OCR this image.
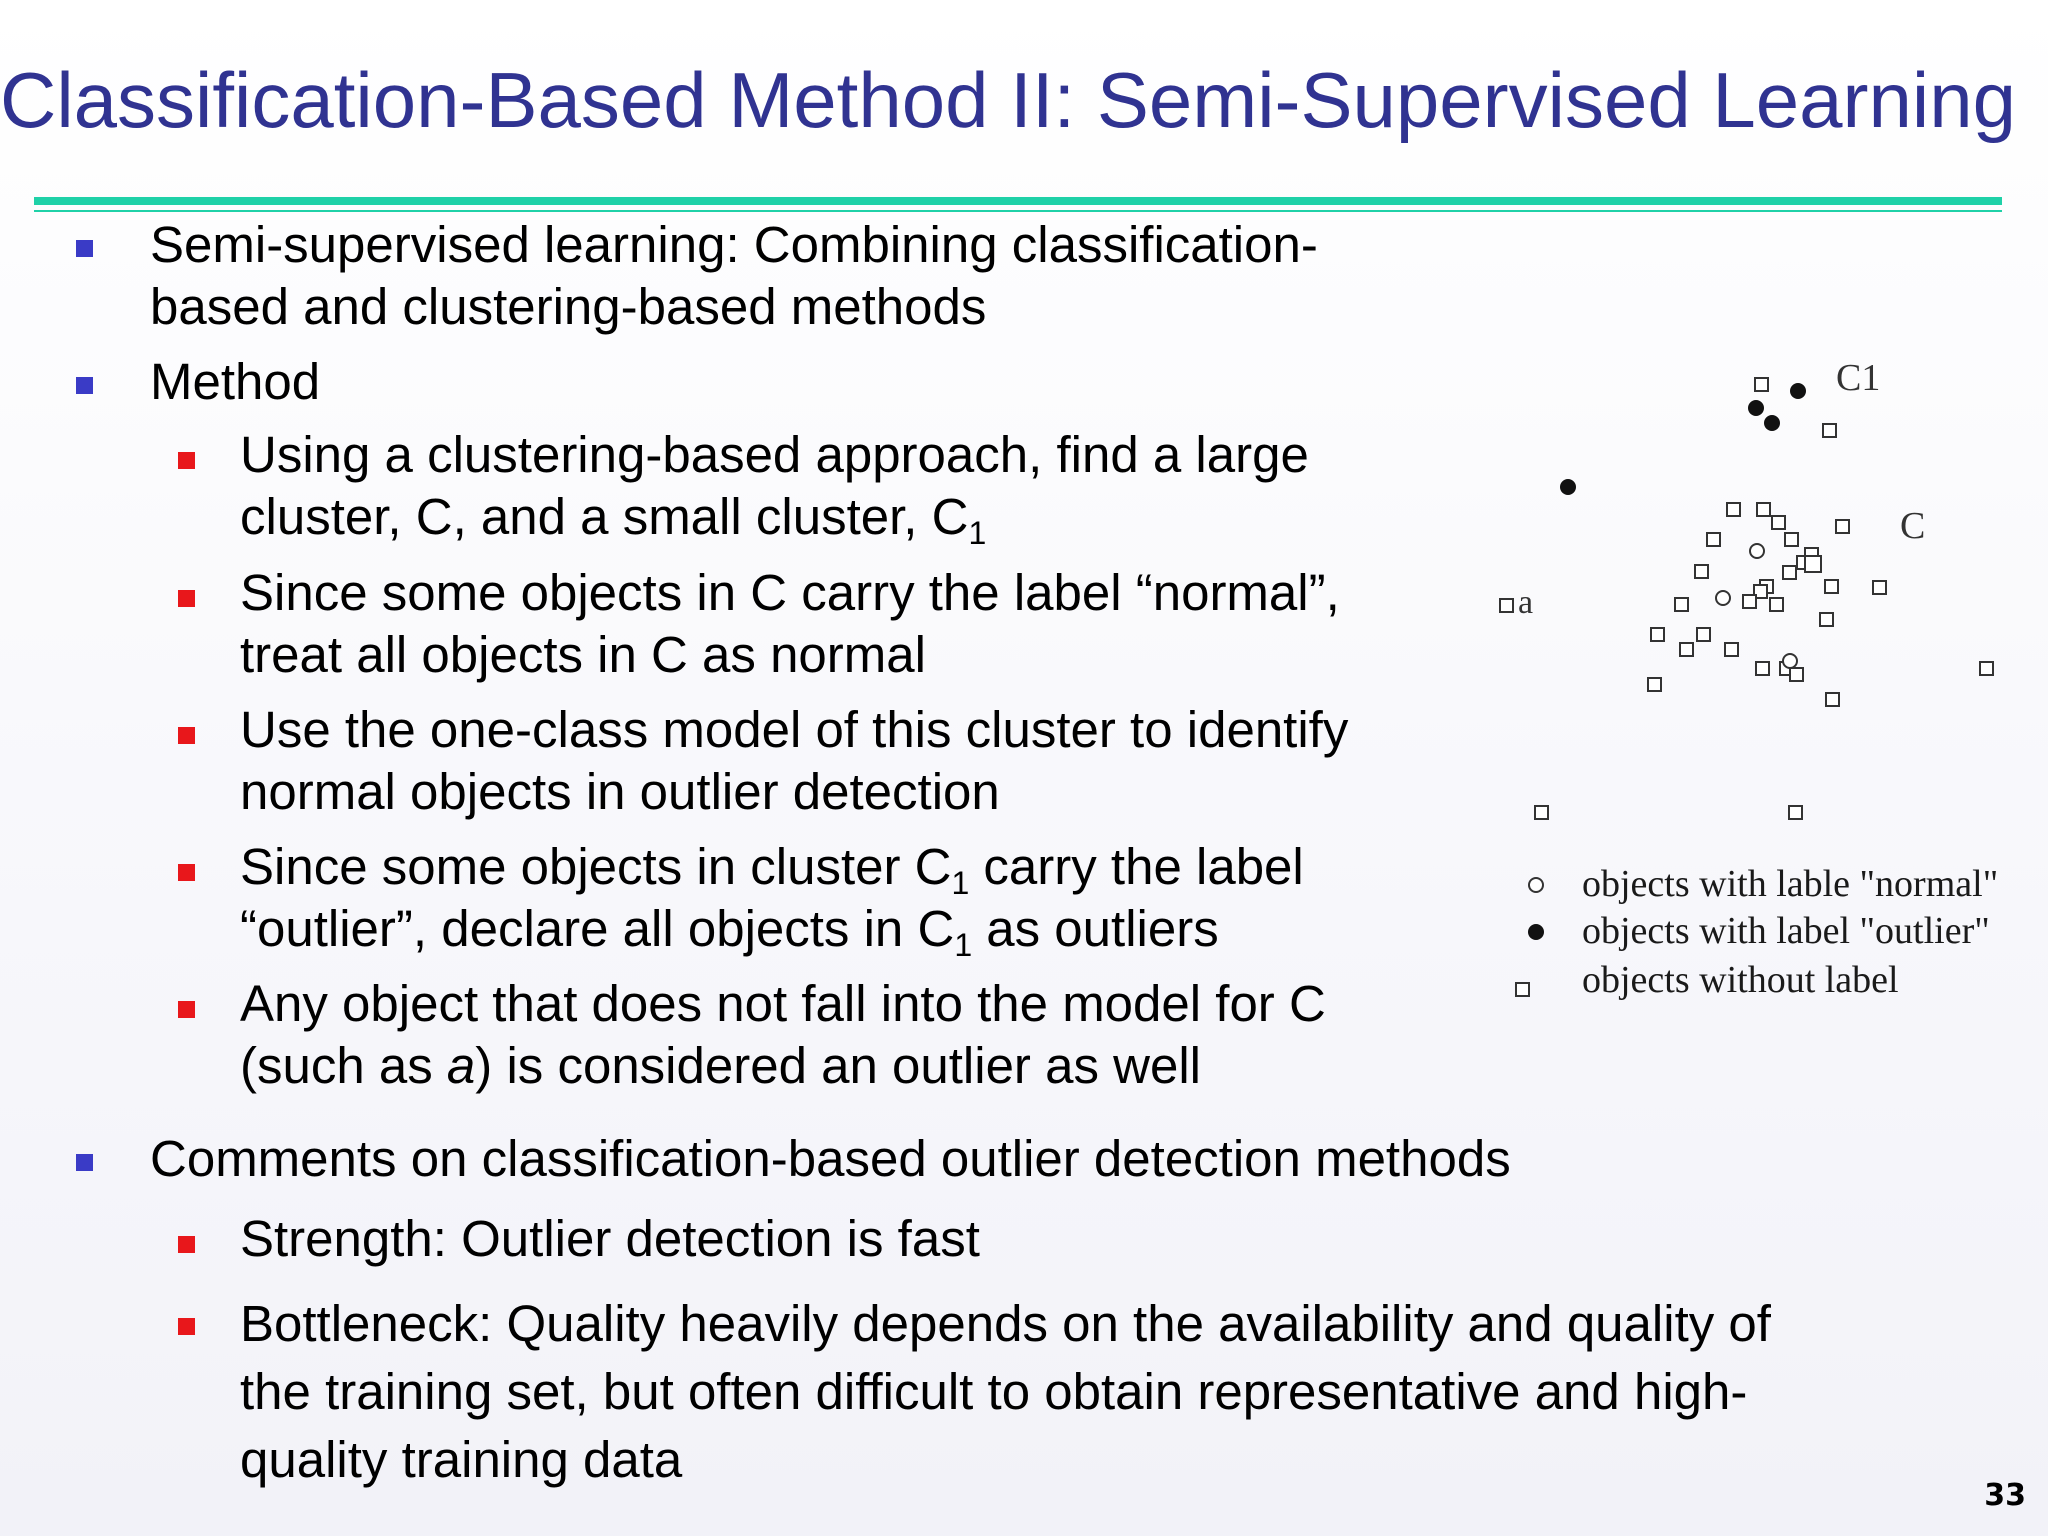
Classification-Based Method II: Semi-Supervised Learning
Semi-supervised learning: Combining classification-
based and clustering-based methods
Method
Using a clustering-based approach, find a large
cluster, C, and a small cluster, $C_1$
Since some objects in C carry the label “normal”,
treat all objects in C as normal
Use the one-class model of this cluster to identify
normal objects in outlier detection
Since some objects in cluster $C_1$ carry the label
“outlier”, declare all objects in $C_1$ as outliers
Any object that does not fall into the model for C
(such as a) is considered an outlier as well
Comments on classification-based outlier detection methods
Strength: Outlier detection is fast
Bottleneck: Quality heavily depends on the availability and quality of
the training set, but often difficult to obtain representative and high-
quality training data
C1
C
a
objects with lable "normal"
objects with label "outlier"
objects without label
33
